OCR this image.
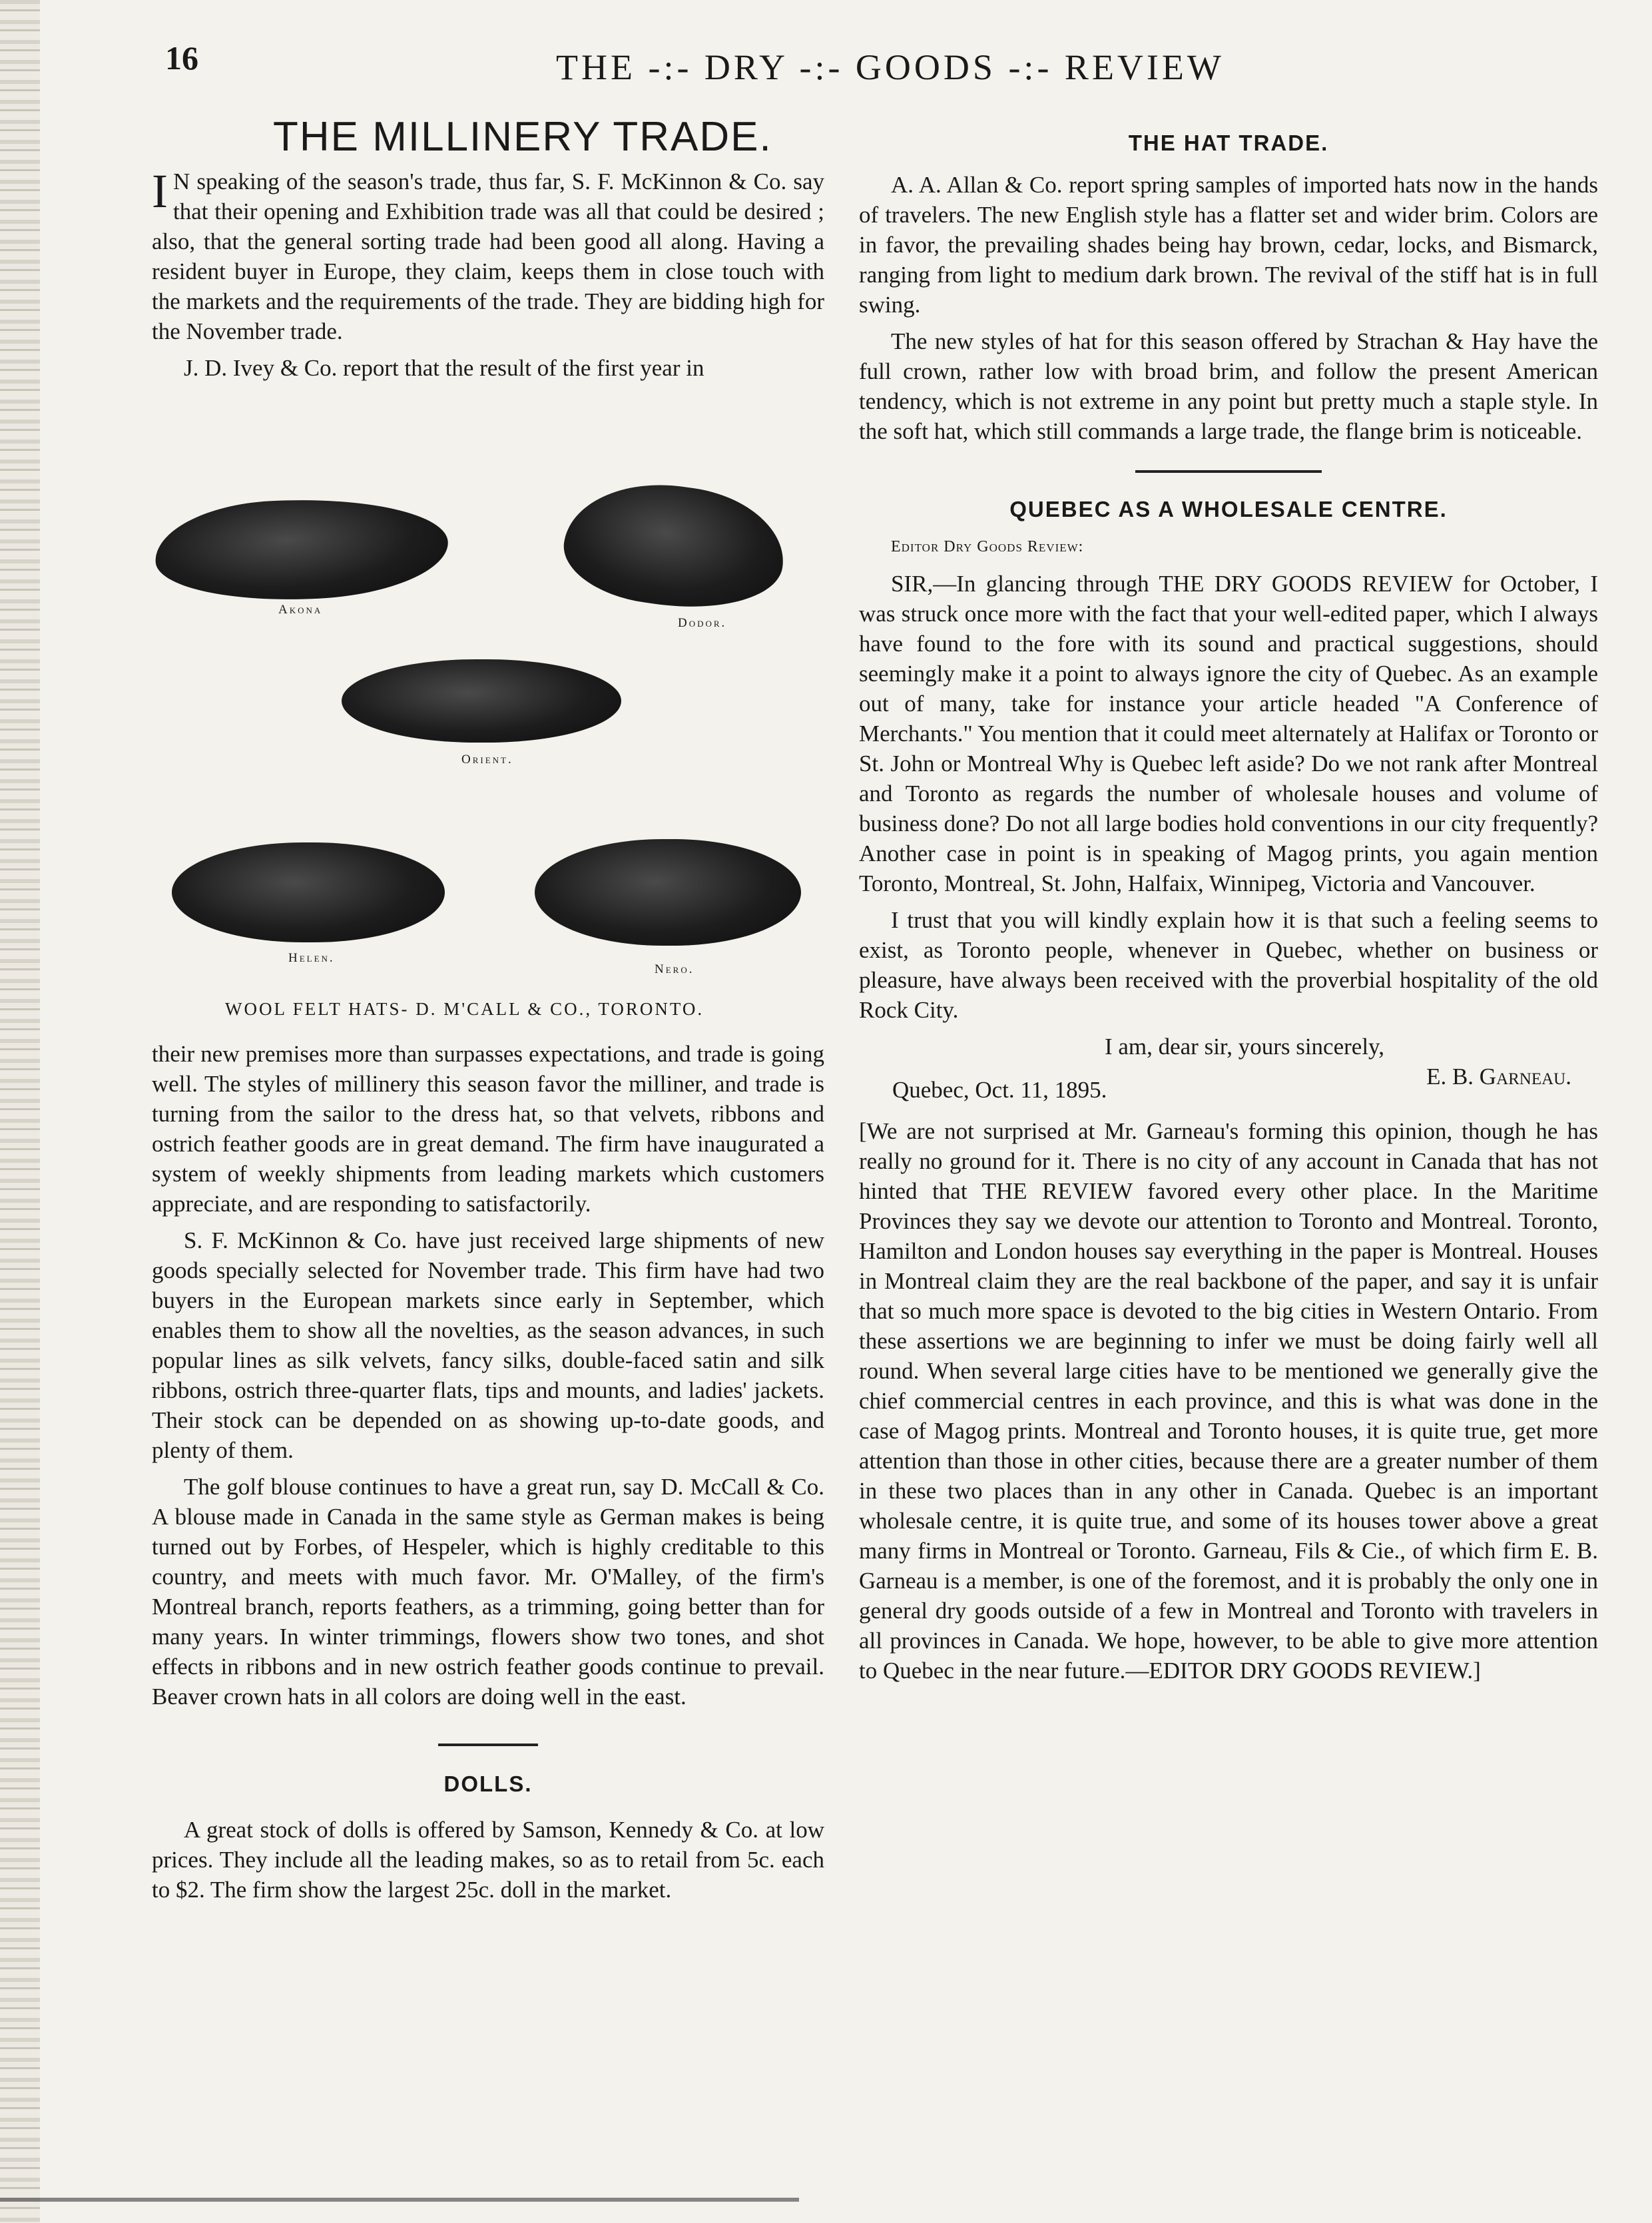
16	THE -:- DRY -:- GOODS -:- REVIEW
THE MILLINERY TRADE.

I N speaking of the season's trade, thus far, S. F. McKinnon & Co. say that their opening and Exhibition trade was all that could be desired ; also, that the general sorting trade had been good all along. Having a resident buyer in Europe, they claim, keeps them in close touch with the markets and the requirements of the trade. They are bidding high for the November trade.

J. D. Ivey & Co. report that the result of the first year in

Akona
Dodor.
Orient.
Helen.
Nero.
WOOL FELT HATS- D. M'CALL & CO., TORONTO.

their new premises more than surpasses expectations, and trade is going well. The styles of millinery this season favor the milliner, and trade is turning from the sailor to the dress hat, so that velvets, ribbons and ostrich feather goods are in great demand. The firm have inaugurated a system of weekly shipments from leading markets which customers appreciate, and are responding to satisfactorily.

S. F. McKinnon & Co. have just received large shipments of new goods specially selected for November trade. This firm have had two buyers in the European markets since early in September, which enables them to show all the novelties, as the season advances, in such popular lines as silk velvets, fancy silks, double-faced satin and silk ribbons, ostrich three-quarter flats, tips and mounts, and ladies' jackets. Their stock can be depended on as showing up-to-date goods, and plenty of them.

The golf blouse continues to have a great run, say D. McCall & Co. A blouse made in Canada in the same style as German makes is being turned out by Forbes, of Hespeler, which is highly creditable to this country, and meets with much favor. Mr. O'Malley, of the firm's Montreal branch, reports feathers, as a trimming, going better than for many years. In winter trimmings, flowers show two tones, and shot effects in ribbons and in new ostrich feather goods continue to prevail. Beaver crown hats in all colors are doing well in the east.

DOLLS.

A great stock of dolls is offered by Samson, Kennedy & Co. at low prices. They include all the leading makes, so as to retail from 5c. each to $2. The firm show the largest 25c. doll in the market.

THE HAT TRADE.

A. A. Allan & Co. report spring samples of imported hats now in the hands of travelers. The new English style has a flatter set and wider brim. Colors are in favor, the prevailing shades being hay brown, cedar, locks, and Bismarck, ranging from light to medium dark brown. The revival of the stiff hat is in full swing.

The new styles of hat for this season offered by Strachan & Hay have the full crown, rather low with broad brim, and follow the present American tendency, which is not extreme in any point but pretty much a staple style. In the soft hat, which still commands a large trade, the flange brim is noticeable.

QUEBEC AS A WHOLESALE CENTRE.

Editor Dry Goods Review:

SIR,—In glancing through THE DRY GOODS REVIEW for October, I was struck once more with the fact that your well-edited paper, which I always have found to the fore with its sound and practical suggestions, should seemingly make it a point to always ignore the city of Quebec. As an example out of many, take for instance your article headed "A Conference of Merchants." You mention that it could meet alternately at Halifax or Toronto or St. John or Montreal Why is Quebec left aside? Do we not rank after Montreal and Toronto as regards the number of wholesale houses and volume of business done? Do not all large bodies hold conventions in our city frequently? Another case in point is in speaking of Magog prints, you again mention Toronto, Montreal, St. John, Halfaix, Winnipeg, Victoria and Vancouver.

I trust that you will kindly explain how it is that such a feeling seems to exist, as Toronto people, whenever in Quebec, whether on business or pleasure, have always been received with the proverbial hospitality of the old Rock City.

I am, dear sir, yours sincerely,

Quebec, Oct. 11, 1895.
E. B. Garneau.

[We are not surprised at Mr. Garneau's forming this opinion, though he has really no ground for it. There is no city of any account in Canada that has not hinted that THE REVIEW favored every other place. In the Maritime Provinces they say we devote our attention to Toronto and Montreal. Toronto, Hamilton and London houses say everything in the paper is Montreal. Houses in Montreal claim they are the real backbone of the paper, and say it is unfair that so much more space is devoted to the big cities in Western Ontario. From these assertions we are beginning to infer we must be doing fairly well all round. When several large cities have to be mentioned we generally give the chief commercial centres in each province, and this is what was done in the case of Magog prints. Montreal and Toronto houses, it is quite true, get more attention than those in other cities, because there are a greater number of them in these two places than in any other in Canada. Quebec is an important wholesale centre, it is quite true, and some of its houses tower above a great many firms in Montreal or Toronto. Garneau, Fils & Cie., of which firm E. B. Garneau is a member, is one of the foremost, and it is probably the only one in general dry goods outside of a few in Montreal and Toronto with travelers in all provinces in Canada. We hope, however, to be able to give more attention to Quebec in the near future.—EDITOR DRY GOODS REVIEW.]
